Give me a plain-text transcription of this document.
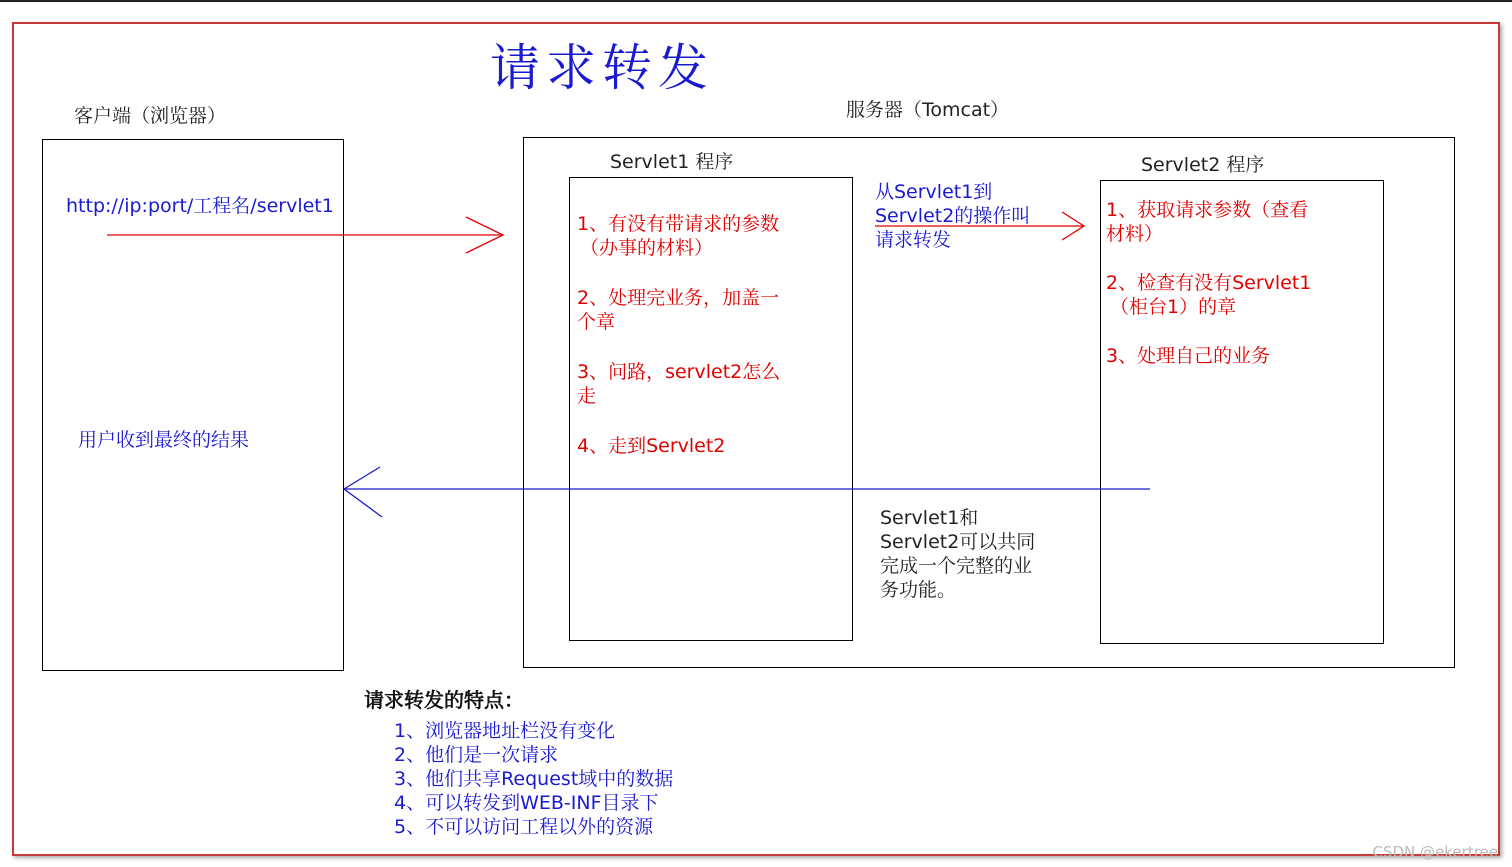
请求转发
客户端（浏览器）
http://ip:port/工程名/servlet1
用户收到最终的结果
服务器（Tomcat）
Servlet1 程序
1、有没有带请求的参数
（办事的材料）
2、处理完业务，加盖一
个章
3、问路，servlet2怎么
走
4、走到Servlet2
从Servlet1到
Servlet2的操作叫
请求转发
Servlet2 程序
1、获取请求参数（查看
材料）
2、检查有没有Servlet1
（柜台1）的章
3、处理自己的业务
Servlet1和
Servlet2可以共同
完成一个完整的业
务功能。
请求转发的特点：
1、浏览器地址栏没有变化
2、他们是一次请求
3、他们共享Request域中的数据
4、可以转发到WEB-INF目录下
5、不可以访问工程以外的资源
CSDN @ekertree
